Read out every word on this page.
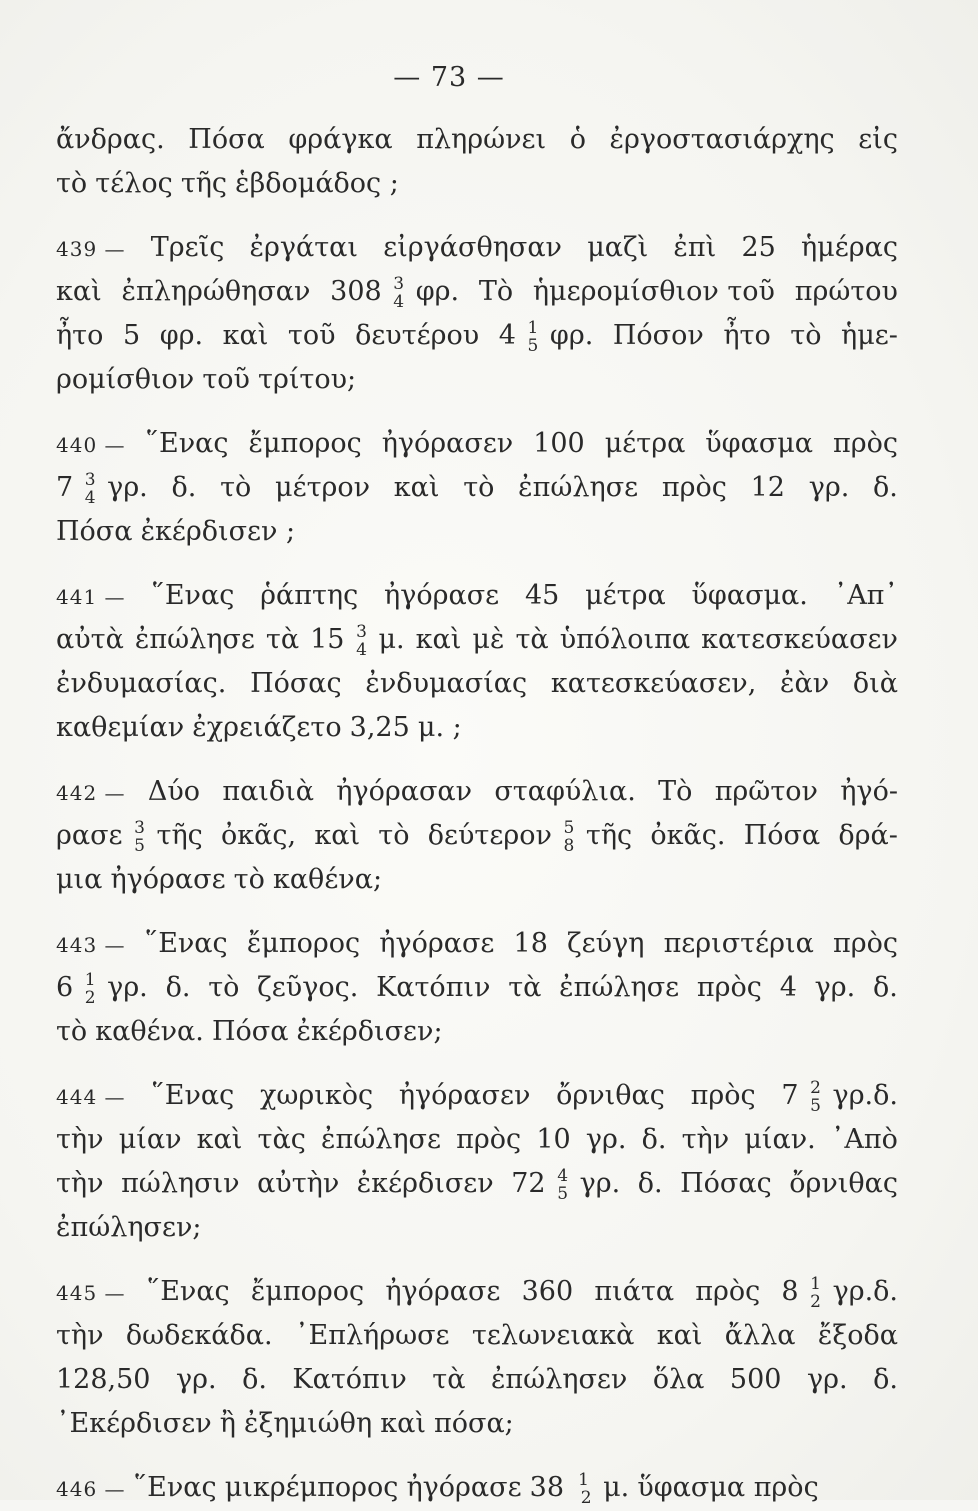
— 73 —
ἄνδρας. Πόσα φράγκα πληρώνει ὁ ἐργοστασιάρχης εἰς
τὸ τέλος τῆς ἑβδομάδος ;
439 — Τρεῖς ἐργάται εἰργάσθησαν μαζὶ ἐπὶ 25 ἡμέρας
καὶ ἐπληρώθησαν 308 3
4 φρ. Τὸ ἡμερομίσθιον τοῦ πρώτου
ἦτο 5 φρ. καὶ τοῦ δευτέρου 4 1
5 φρ. Πόσον ἦτο τὸ ἡμε-
ρομίσθιον τοῦ τρίτου;
440 — ῞Ενας ἔμπορος ἠγόρασεν 100 μέτρα ὕφασμα πρὸς
7 3
4 γρ. δ. τὸ μέτρον καὶ τὸ ἐπώλησε πρὸς 12 γρ. δ.
Πόσα ἐκέρδισεν ;
441 — ῞Ενας ῥάπτης ἠγόρασε 45 μέτρα ὕφασμα. ᾿Απ᾿
αὐτὰ ἐπώλησε τὰ 15 3
4 μ. καὶ μὲ τὰ ὑπόλοιπα κατεσκεύασεν
ἐνδυμασίας. Πόσας ἐνδυμασίας κατεσκεύασεν, ἐὰν διὰ
καθεμίαν ἐχρειάζετο 3,25 μ. ;
442 — Δύο παιδιὰ ἠγόρασαν σταφύλια. Τὸ πρῶτον ἠγό-
ρασε 3
5 τῆς ὀκᾶς, καὶ τὸ δεύτερον 5
8 τῆς ὀκᾶς. Πόσα δρά-
μια ἠγόρασε τὸ καθένα;
443 — ῞Ενας ἔμπορος ἠγόρασε 18 ζεύγη περιστέρια πρὸς
6 1
2 γρ. δ. τὸ ζεῦγος. Κατόπιν τὰ ἐπώλησε πρὸς 4 γρ. δ.
τὸ καθένα. Πόσα ἐκέρδισεν;
444 — ῞Ενας χωρικὸς ἠγόρασεν ὄρνιθας πρὸς 7 2
5 γρ.δ.
τὴν μίαν καὶ τὰς ἐπώλησε πρὸς 10 γρ. δ. τὴν μίαν. ᾿Απὸ
τὴν πώλησιν αὐτὴν ἐκέρδισεν 72 4
5 γρ. δ. Πόσας ὄρνιθας
ἐπώλησεν;
445 — ῞Ενας ἔμπορος ἠγόρασε 360 πιάτα πρὸς 8 1
2 γρ.δ.
τὴν δωδεκάδα. ᾿Επλήρωσε τελωνειακὰ καὶ ἄλλα ἔξοδα
128,50 γρ. δ. Κατόπιν τὰ ἐπώλησεν ὅλα 500 γρ. δ.
᾿Εκέρδισεν ἢ ἐξημιώθη καὶ πόσα;
446 — ῞Ενας μικρέμπορος ἠγόρασε 38 1
2 μ. ὕφασμα πρὸς
